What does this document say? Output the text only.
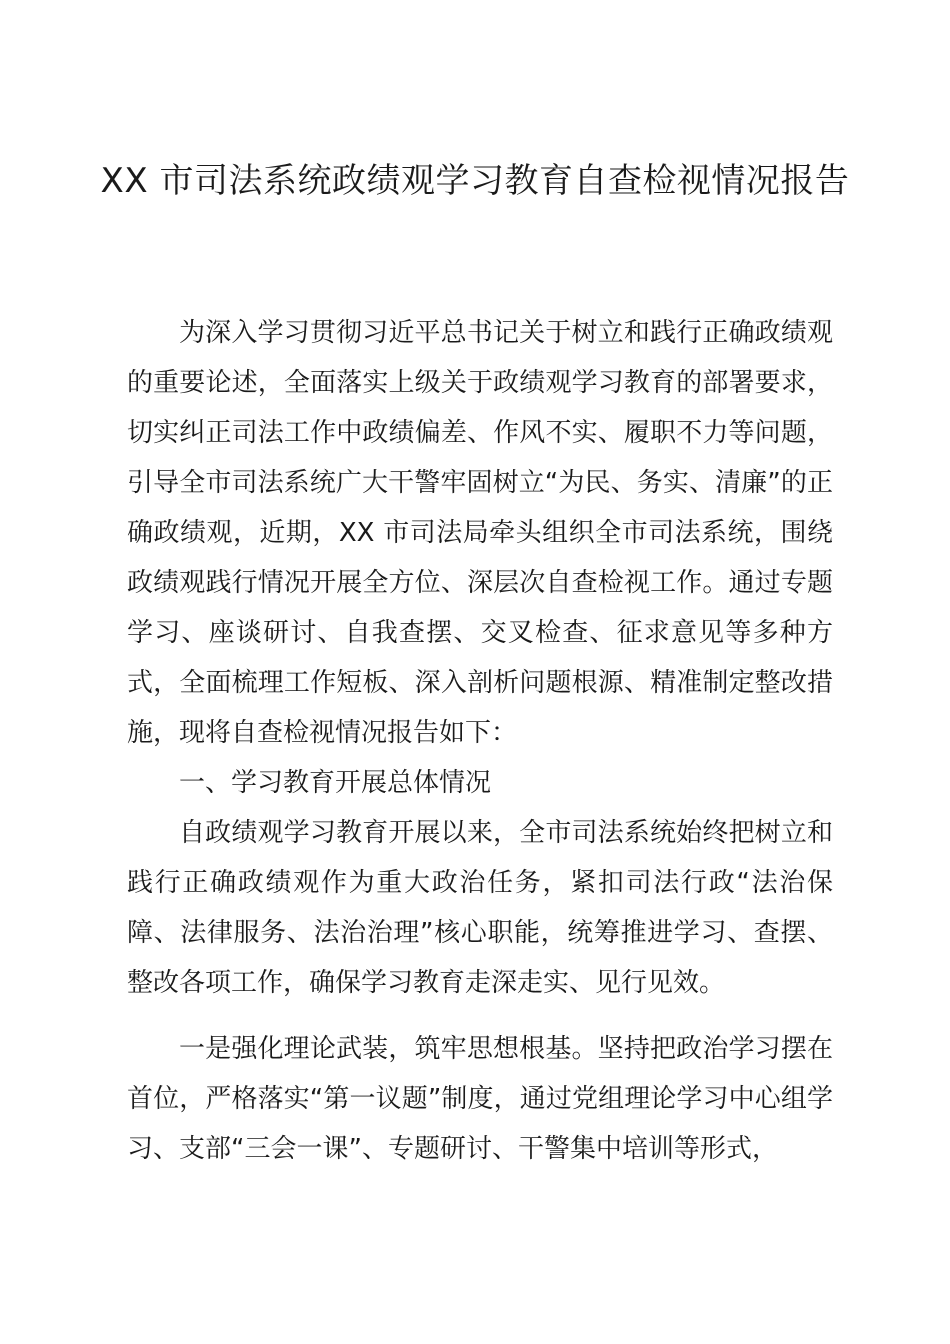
XX 市司法系统政绩观学习教育自查检视情况报告

为深入学习贯彻习近平总书记关于树立和践行正确政绩观的重要论述，全面落实上级关于政绩观学习教育的部署要求，切实纠正司法工作中政绩偏差、作风不实、履职不力等问题，引导全市司法系统广大干警牢固树立“为民、务实、清廉”的正确政绩观，近期，XX 市司法局牵头组织全市司法系统，围绕政绩观践行情况开展全方位、深层次自查检视工作。通过专题学习、座谈研讨、自我查摆、交叉检查、征求意见等多种方式，全面梳理工作短板、深入剖析问题根源、精准制定整改措施，现将自查检视情况报告如下：

一、学习教育开展总体情况

自政绩观学习教育开展以来，全市司法系统始终把树立和践行正确政绩观作为重大政治任务，紧扣司法行政“法治保障、法律服务、法治治理”核心职能，统筹推进学习、查摆、整改各项工作，确保学习教育走深走实、见行见效。

一是强化理论武装，筑牢思想根基。坚持把政治学习摆在首位，严格落实“第一议题”制度，通过党组理论学习中心组学习、支部“三会一课”、专题研讨、干警集中培训等形式，
